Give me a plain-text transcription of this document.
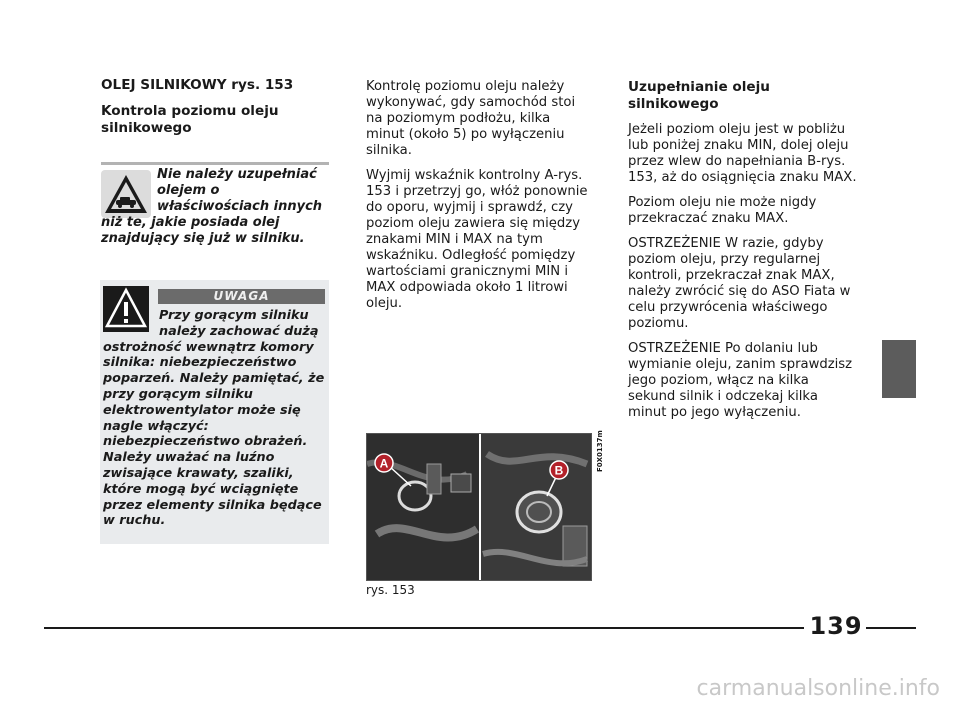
OLEJ SILNIKOWY rys. 153
Kontrola poziomu oleju silnikowego
Nie należy uzupełniać olejem o właściwościach innych niż te, jakie posiada olej znajdujący się już w silniku.
UWAGA
Przy gorącym silniku należy zachować dużą ostrożność wewnątrz komory silnika: niebezpieczeństwo poparzeń. Należy pamiętać, że przy gorącym silniku elektrowentylator może się nagle włączyć: niebezpieczeństwo obrażeń. Należy uważać na luźno zwisające krawaty, szaliki, które mogą być wciągnięte przez elementy silnika będące w ruchu.

Kontrolę poziomu oleju należy wykonywać, gdy samochód stoi na poziomym podłożu, kilka minut (około 5) po wyłączeniu silnika.

Wyjmij wskaźnik kontrolny A-rys. 153 i przetrzyj go, włóż ponownie do oporu, wyjmij i sprawdź, czy poziom oleju zawiera się między znakami MIN i MAX na tym wskaźniku. Odległość pomiędzy wartościami granicznymi MIN i MAX odpowiada około 1 litrowi oleju.

A	B	F0X0137m
rys. 153

Uzupełnianie oleju silnikowego

Jeżeli poziom oleju jest w pobliżu lub poniżej znaku MIN, dolej oleju przez wlew do napełniania B-rys. 153, aż do osiągnięcia znaku MAX.

Poziom oleju nie może nigdy przekraczać znaku MAX.

OSTRZEŻENIE W razie, gdyby poziom oleju, przy regularnej kontroli, przekraczał znak MAX, należy zwrócić się do ASO Fiata w celu przywrócenia właściwego poziomu.

OSTRZEŻENIE Po dolaniu lub wymianie oleju, zanim sprawdzisz jego poziom, włącz na kilka sekund silnik i odczekaj kilka minut po jego wyłączeniu.

139
carmanualsonline.info
